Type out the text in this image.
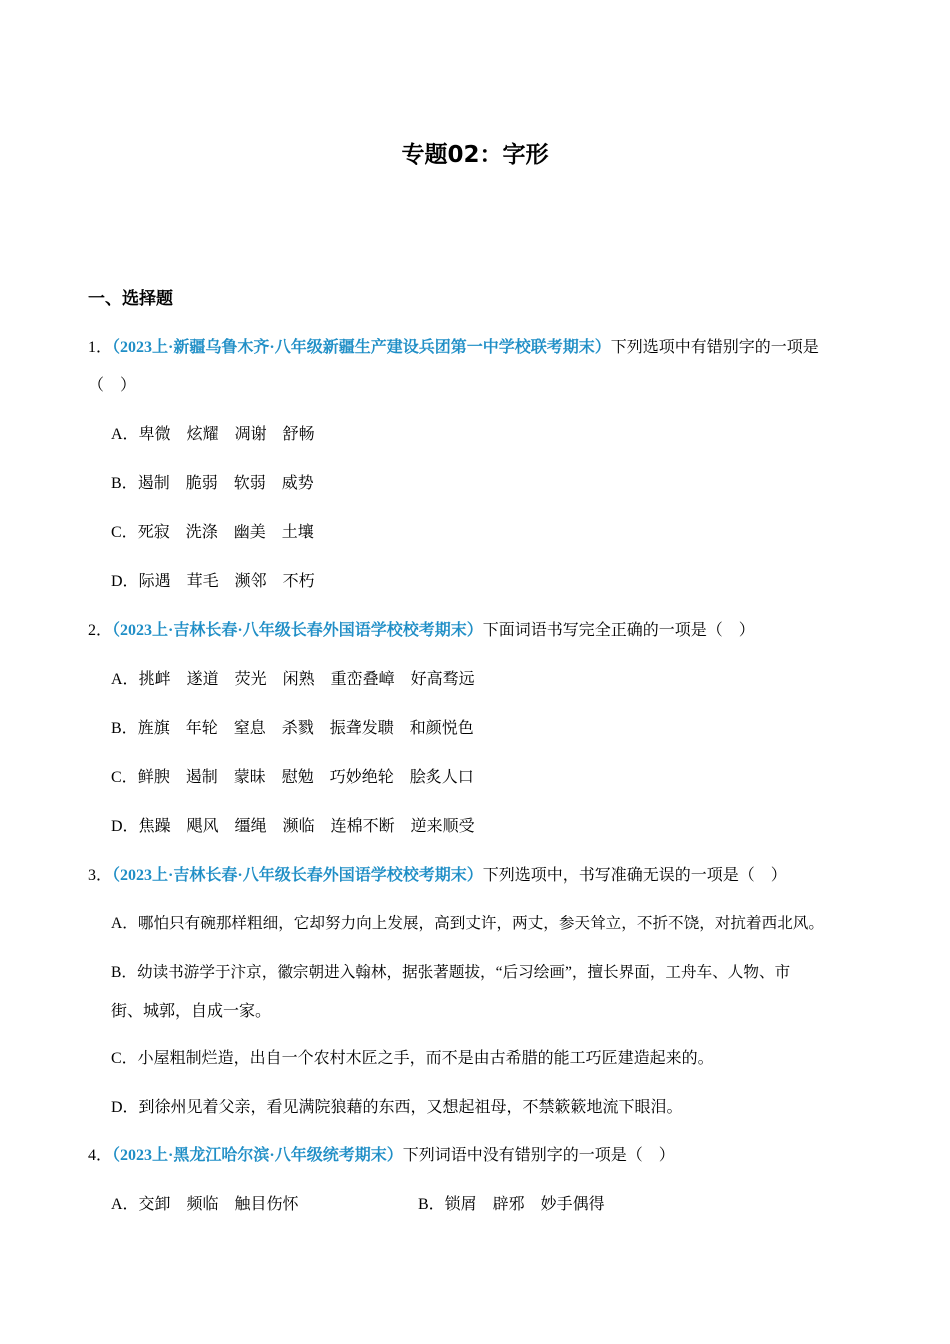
专题02：字形
一、选择题
1．（2023上·新疆乌鲁木齐·八年级新疆生产建设兵团第一中学校联考期末）下列选项中有错别字的一项是
（　）
A．卑微　炫耀　凋谢　舒畅
B．遏制　脆弱　软弱　威势
C．死寂　洗涤　幽美　土壤
D．际遇　茸毛　濒邻　不朽
2．（2023上·吉林长春·八年级长春外国语学校校考期末）下面词语书写完全正确的一项是（　）
A．挑衅　遂道　荧光　闲熟　重峦叠嶂　好高骛远
B．旌旗　年轮　窒息　杀戮　振聋发聩　和颜悦色
C．鲜腴　遏制　蒙昧　慰勉　巧妙绝轮　脍炙人口
D．焦躁　飓风　缰绳　濒临　连棉不断　逆来顺受
3．（2023上·吉林长春·八年级长春外国语学校校考期末）下列选项中，书写准确无误的一项是（　）
A．哪怕只有碗那样粗细，它却努力向上发展，高到丈许，两丈，参天耸立，不折不饶，对抗着西北风。
B．幼读书游学于汴京，徽宗朝进入翰林，据张著题拔，“后习绘画”，擅长界面，工舟车、人物、市
街、城郭，自成一家。
C．小屋粗制烂造，出自一个农村木匠之手，而不是由古希腊的能工巧匠建造起来的。
D．到徐州见着父亲，看见满院狼藉的东西，又想起祖母，不禁簌簌地流下眼泪。
4．（2023上·黑龙江哈尔滨·八年级统考期末）下列词语中没有错别字的一项是（　）
A．交卸　频临　触目伤怀	B．锁屑　辟邪　妙手偶得
